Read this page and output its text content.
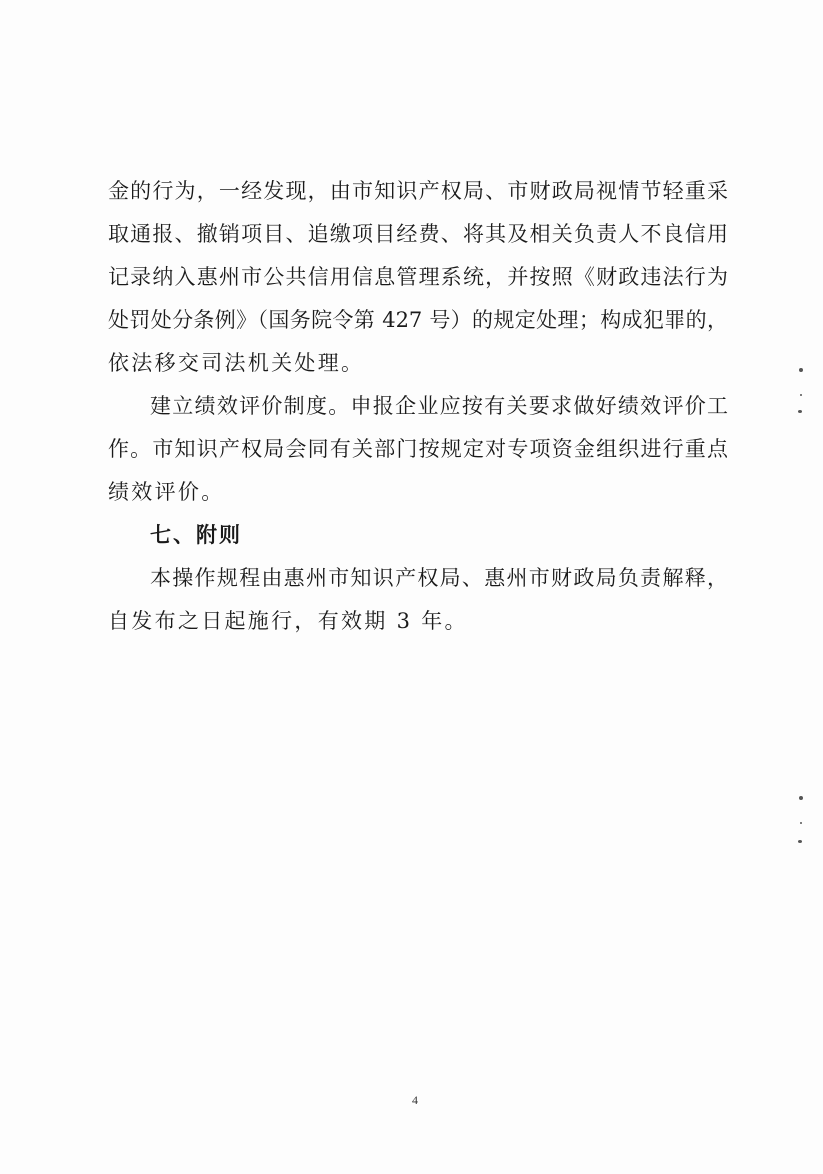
金的行为，一经发现，由市知识产权局、市财政局视情节轻重采
取通报、撤销项目、追缴项目经费、将其及相关负责人不良信用
记录纳入惠州市公共信用信息管理系统，并按照《财政违法行为
处罚处分条例》（国务院令第 427 号）的规定处理；构成犯罪的，
依法移交司法机关处理。
建立绩效评价制度。申报企业应按有关要求做好绩效评价工
作。市知识产权局会同有关部门按规定对专项资金组织进行重点
绩效评价。
七、附则
本操作规程由惠州市知识产权局、惠州市财政局负责解释，
自发布之日起施行，有效期 3 年。
4
